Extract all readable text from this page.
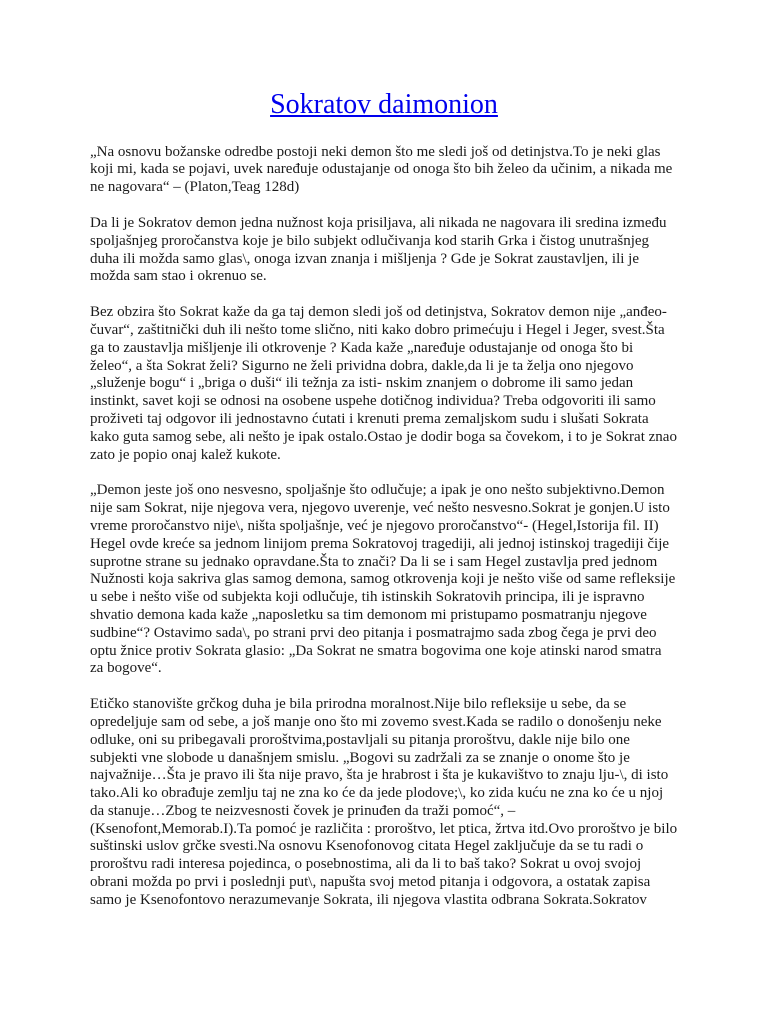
Sokratov daimonion

„Na osnovu božanske odredbe postoji neki demon što me sledi još od detinjstva.To je neki glas koji mi, kada se pojavi, uvek naređuje odustajanje od onoga što bih želeo da učinim, a nikada me ne nagovara“ – (Platon,Teag 128d)

Da li je Sokratov demon jedna nužnost koja prisiljava, ali nikada ne nagovara ili sredina između spoljašnjeg proročanstva koje je bilo subjekt odlučivanja kod starih Grka i čistog unutrašnjeg duha ili možda samo glas\, onoga izvan znanja i mišljenja ? Gde je Sokrat zaustavljen, ili je možda sam stao i okrenuo se.

Bez obzira što Sokrat kaže da ga taj demon sledi još od detinjstva, Sokratov demon nije „anđeo-čuvar“, zaštitnički duh ili nešto tome slično, niti kako dobro primećuju i Hegel i Jeger, svest.Šta ga to zaustavlja mišljenje ili otkrovenje ? Kada kaže „naređuje odustajanje od onoga što bi želeo“, a šta Sokrat želi? Sigurno ne želi prividna dobra, dakle,da li je ta želja ono njegovo „služenje bogu“ i „briga o duši“ ili težnja za isti- nskim znanjem o dobrome ili samo jedan instinkt, savet koji se odnosi na osobene uspehe dotičnog individua? Treba odgovoriti ili samo proživeti taj odgovor ili jednostavno ćutati i krenuti prema zemaljskom sudu i slušati Sokrata kako guta samog sebe, ali nešto je ipak ostalo.Ostao je dodir boga sa čovekom, i to je Sokrat znao zato je popio onaj kalež kukote.

„Demon jeste još ono nesvesno, spoljašnje što odlučuje; a ipak je ono nešto subjektivno.Demon nije sam Sokrat, nije njegova vera, njegovo uverenje, već nešto nesvesno.Sokrat je gonjen.U isto vreme proročanstvo nije\, ništa spoljašnje, već je njegovo proročanstvo“- (Hegel,Istorija fil. II) Hegel ovde kreće sa jednom linijom prema Sokratovoj tragediji, ali jednoj istinskoj tragediji čije suprotne strane su jednako opravdane.Šta to znači? Da li se i sam Hegel zustavlja pred jednom Nužnosti koja sakriva glas samog demona, samog otkrovenja koji je nešto više od same refleksije u sebe i nešto više od subjekta koji odlučuje, tih istinskih Sokratovih principa, ili je ispravno shvatio demona kada kaže „naposletku sa tim demonom mi pristupamo posmatranju njegove sudbine“? Ostavimo sada\, po strani prvi deo pitanja i posmatrajmo sada zbog čega je prvi deo optu žnice protiv Sokrata glasio: „Da Sokrat ne smatra bogovima one koje atinski narod smatra za bogove“.

Etičko stanovište grčkog duha je bila prirodna moralnost.Nije bilo refleksije u sebe, da se opredeljuje sam od sebe, a još manje ono što mi zovemo svest.Kada se radilo o donošenju neke odluke, oni su pribegavali proroštvima,postavljali su pitanja proroštvu, dakle nije bilo one subjekti vne slobode u današnjem smislu. „Bogovi su zadržali za se znanje o onome što je najvažnije…Šta je pravo ili šta nije pravo, šta je hrabrost i šta je kukavištvo to znaju lju-\, di isto tako.Ali ko obrađuje zemlju taj ne zna ko će da jede plodove;\, ko zida kuću ne zna ko će u njoj da stanuje…Zbog te neizvesnosti čovek je prinuđen da traži pomoć“, – (Ksenofont,Memorab.I).Ta pomoć je različita : proroštvo, let ptica, žrtva itd.Ovo proroštvo je bilo suštinski uslov grčke svesti.Na osnovu Ksenofonovog citata Hegel zaključuje da se tu radi o proroštvu radi interesa pojedinca, o posebnostima, ali da li to baš tako? Sokrat u ovoj svojoj obrani možda po prvi i poslednji put\, napušta svoj metod pitanja i odgovora, a ostatak zapisa samo je Ksenofontovo nerazumevanje Sokrata, ili njegova vlastita odbrana Sokrata.Sokratov
